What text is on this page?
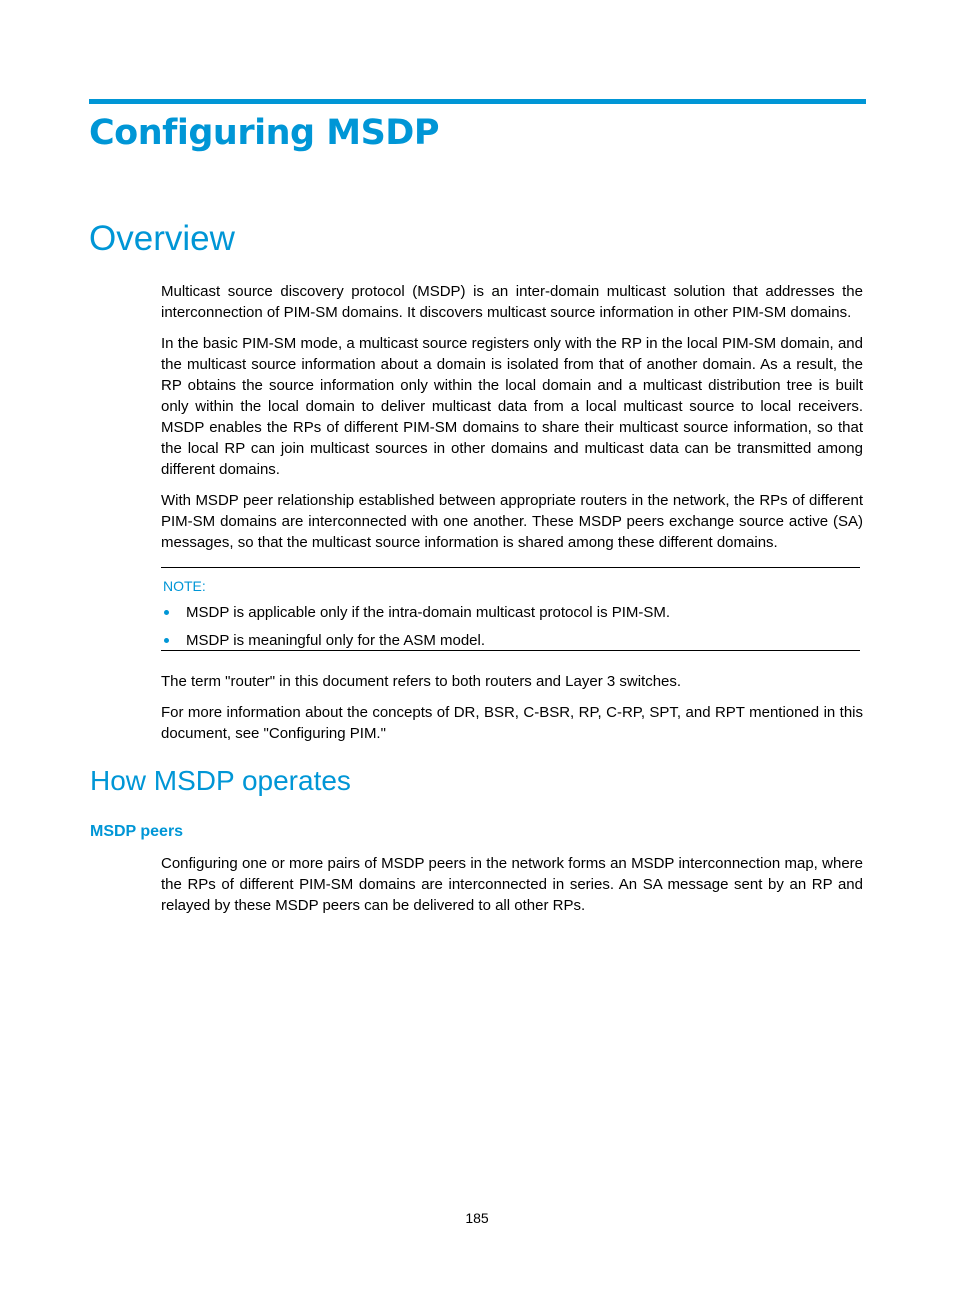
Configuring MSDP
Overview

Multicast source discovery protocol (MSDP) is an inter-domain multicast solution that addresses the interconnection of PIM-SM domains. It discovers multicast source information in other PIM-SM domains.

In the basic PIM-SM mode, a multicast source registers only with the RP in the local PIM-SM domain, and the multicast source information about a domain is isolated from that of another domain. As a result, the RP obtains the source information only within the local domain and a multicast distribution tree is built only within the local domain to deliver multicast data from a local multicast source to local receivers. MSDP enables the RPs of different PIM-SM domains to share their multicast source information, so that the local RP can join multicast sources in other domains and multicast data can be transmitted among different domains.

With MSDP peer relationship established between appropriate routers in the network, the RPs of different PIM-SM domains are interconnected with one another. These MSDP peers exchange source active (SA) messages, so that the multicast source information is shared among these different domains.

NOTE:
MSDP is applicable only if the intra-domain multicast protocol is PIM-SM.
MSDP is meaningful only for the ASM model.

The term "router" in this document refers to both routers and Layer 3 switches.

For more information about the concepts of DR, BSR, C-BSR, RP, C-RP, SPT, and RPT mentioned in this document, see "Configuring PIM."

How MSDP operates
MSDP peers

Configuring one or more pairs of MSDP peers in the network forms an MSDP interconnection map, where the RPs of different PIM-SM domains are interconnected in series. An SA message sent by an RP and relayed by these MSDP peers can be delivered to all other RPs.

185
